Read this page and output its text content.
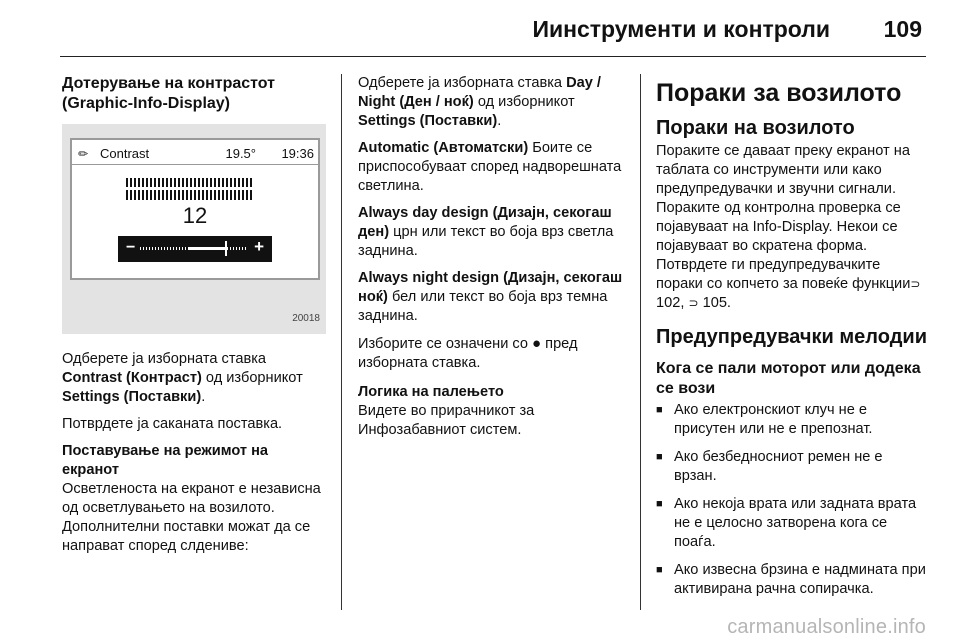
Иинструменти и контроли 109

Дотерување на контрастот (Graphic-Info-Display)

✏ Contrast	19.5° 19:36
12
−	+
20018

Одберете ја изборната ставка Contrast (Контраст) од изборникот Settings (Поставки).

Потврдете ја саканата поставка.

Поставување на режимот на екранот

Осветленоста на екранот е независна од осветлувањето на возилото. Дополнителни поставки можат да се направат според слдениве:

Одберете ја изборната ставка Day / Night (Ден / ноќ) од изборникот Settings (Поставки).

Automatic (Автоматски) Боите се приспособуваат според надворешната светлина.

Always day design (Дизајн, секогаш ден) црн или текст во боја врз светла заднина.

Always night design (Дизајн, секогаш ноќ) бел или текст во боја врз темна заднина.

Изборите се означени со ● пред изборната ставка.

Логика на палењето

Видете во прирачникот за Инфозабавниот систем.

Пораки за возилото
Пораки на возилото

Пораките се даваат преку екранот на таблата со инструменти или како предупредувачки и звучни сигнали. Пораките од контролна проверка се појавуваат на Info-Display. Некои се појавуваат во скратена форма. Потврдете ги предупредувачките пораки со копчето за повеќе функции⊃ 102, ⊃ 105.

Предупредувачки мелодии

Кога се пали моторот или додека се вози

■ Ако електронскиот клуч не е присутен или не е препознат.
■ Ако безбедносниот ремен не е врзан.
■ Ако некоја врата или задната врата не е целосно затворена кога се поаѓа.
■ Ако извесна брзина е надминатa при активирана рачна сопирачка.
carmanualsonline.info
